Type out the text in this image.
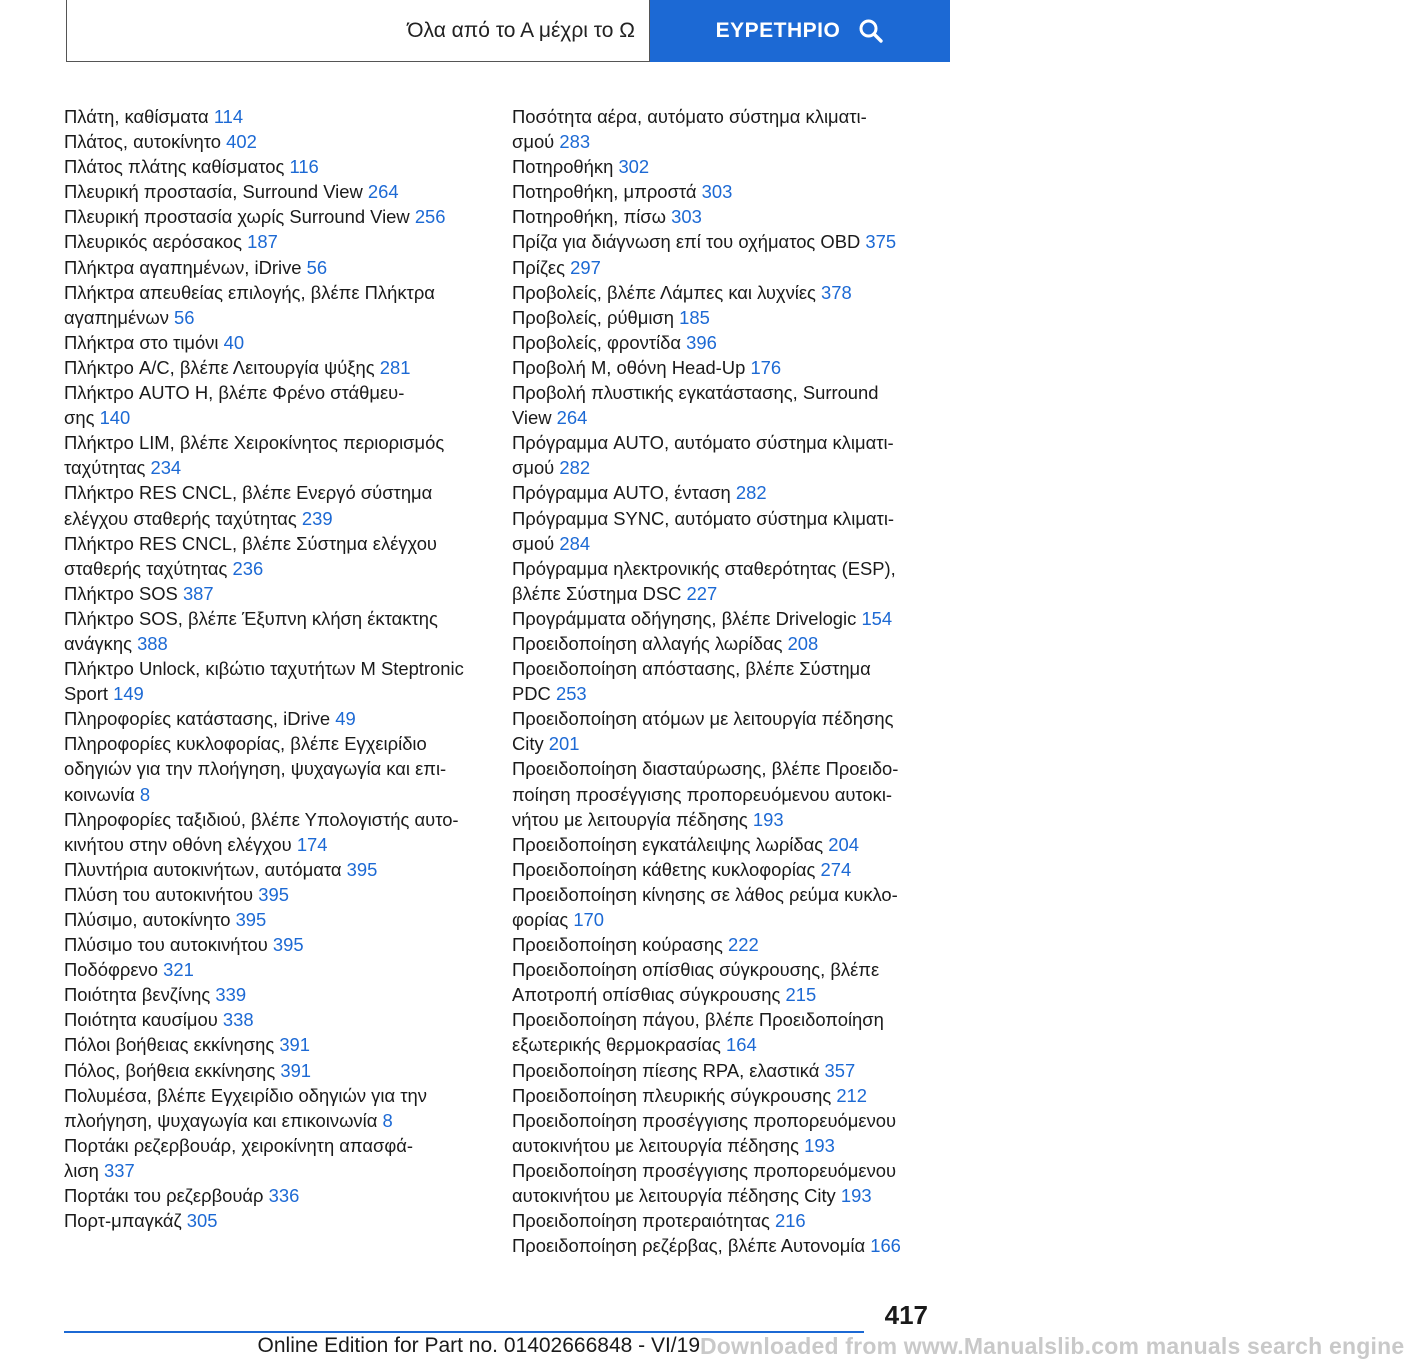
Όλα από το Α μέχρι το Ω	ΕΥΡΕΤΗΡΙΟ
Πλάτη, καθίσματα 114
Πλάτος, αυτοκίνητο 402
Πλάτος πλάτης καθίσματος 116
Πλευρική προστασία, Surround View 264
Πλευρική προστασία χωρίς Surround View 256
Πλευρικός αερόσακος 187
Πλήκτρα αγαπημένων, iDrive 56
Πλήκτρα απευθείας επιλογής, βλέπε Πλήκτρα
αγαπημένων 56
Πλήκτρα στο τιμόνι 40
Πλήκτρο A/C, βλέπε Λειτουργία ψύξης 281
Πλήκτρο AUTO H, βλέπε Φρένο στάθμευ-
σης 140
Πλήκτρο LIM, βλέπε Χειροκίνητος περιορισμός
ταχύτητας 234
Πλήκτρο RES CNCL, βλέπε Ενεργό σύστημα
ελέγχου σταθερής ταχύτητας 239
Πλήκτρο RES CNCL, βλέπε Σύστημα ελέγχου
σταθερής ταχύτητας 236
Πλήκτρο SOS 387
Πλήκτρο SOS, βλέπε Έξυπνη κλήση έκτακτης
ανάγκης 388
Πλήκτρο Unlock, κιβώτιο ταχυτήτων M Steptronic
Sport 149
Πληροφορίες κατάστασης, iDrive 49
Πληροφορίες κυκλοφορίας, βλέπε Εγχειρίδιο
οδηγιών για την πλοήγηση, ψυχαγωγία και επι-
κοινωνία 8
Πληροφορίες ταξιδιού, βλέπε Υπολογιστής αυτο-
κινήτου στην οθόνη ελέγχου 174
Πλυντήρια αυτοκινήτων, αυτόματα 395
Πλύση του αυτοκινήτου 395
Πλύσιμο, αυτοκίνητο 395
Πλύσιμο του αυτοκινήτου 395
Ποδόφρενο 321
Ποιότητα βενζίνης 339
Ποιότητα καυσίμου 338
Πόλοι βοήθειας εκκίνησης 391
Πόλος, βοήθεια εκκίνησης 391
Πολυμέσα, βλέπε Εγχειρίδιο οδηγιών για την
πλοήγηση, ψυχαγωγία και επικοινωνία 8
Πορτάκι ρεζερβουάρ, χειροκίνητη απασφά-
λιση 337
Πορτάκι του ρεζερβουάρ 336
Πορτ-μπαγκάζ 305
Ποσότητα αέρα, αυτόματο σύστημα κλιματι-
σμού 283
Ποτηροθήκη 302
Ποτηροθήκη, μπροστά 303
Ποτηροθήκη, πίσω 303
Πρίζα για διάγνωση επί του οχήματος OBD 375
Πρίζες 297
Προβολείς, βλέπε Λάμπες και λυχνίες 378
Προβολείς, ρύθμιση 185
Προβολείς, φροντίδα 396
Προβολή M, οθόνη Head-Up 176
Προβολή πλυστικής εγκατάστασης, Surround
View 264
Πρόγραμμα AUTO, αυτόματο σύστημα κλιματι-
σμού 282
Πρόγραμμα AUTO, ένταση 282
Πρόγραμμα SYNC, αυτόματο σύστημα κλιματι-
σμού 284
Πρόγραμμα ηλεκτρονικής σταθερότητας (ESP),
βλέπε Σύστημα DSC 227
Προγράμματα οδήγησης, βλέπε Drivelogic 154
Προειδοποίηση αλλαγής λωρίδας 208
Προειδοποίηση απόστασης, βλέπε Σύστημα
PDC 253
Προειδοποίηση ατόμων με λειτουργία πέδησης
City 201
Προειδοποίηση διασταύρωσης, βλέπε Προειδο-
ποίηση προσέγγισης προπορευόμενου αυτοκι-
νήτου με λειτουργία πέδησης 193
Προειδοποίηση εγκατάλειψης λωρίδας 204
Προειδοποίηση κάθετης κυκλοφορίας 274
Προειδοποίηση κίνησης σε λάθος ρεύμα κυκλο-
φορίας 170
Προειδοποίηση κούρασης 222
Προειδοποίηση οπίσθιας σύγκρουσης, βλέπε
Αποτροπή οπίσθιας σύγκρουσης 215
Προειδοποίηση πάγου, βλέπε Προειδοποίηση
εξωτερικής θερμοκρασίας 164
Προειδοποίηση πίεσης RPA, ελαστικά 357
Προειδοποίηση πλευρικής σύγκρουσης 212
Προειδοποίηση προσέγγισης προπορευόμενου
αυτοκινήτου με λειτουργία πέδησης 193
Προειδοποίηση προσέγγισης προπορευόμενου
αυτοκινήτου με λειτουργία πέδησης City 193
Προειδοποίηση προτεραιότητας 216
Προειδοποίηση ρεζέρβας, βλέπε Αυτονομία 166
417
Online Edition for Part no. 01402666848 - VI/19 Downloaded from www.Manualslib.com manuals search engine
